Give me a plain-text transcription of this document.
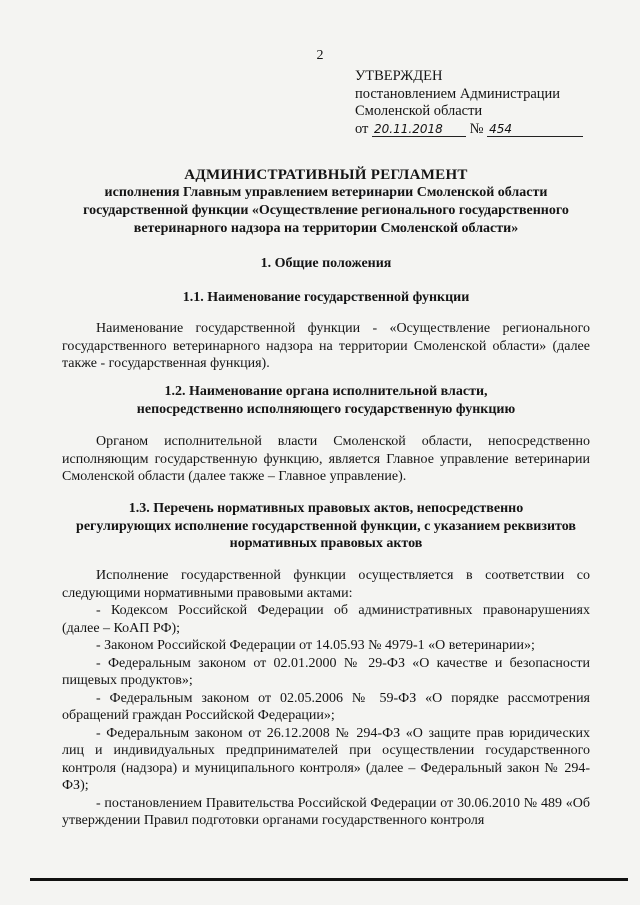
2
УТВЕРЖДЕН
постановлением Администрации
Смоленской области
от 20.11.2018 № 454
АДМИНИСТРАТИВНЫЙ РЕГЛАМЕНТ
исполнения Главным управлением ветеринарии Смоленской области
государственной функции «Осуществление регионального государственного
ветеринарного надзора на территории Смоленской области»
1. Общие положения
1.1. Наименование государственной функции
Наименование государственной функции - «Осуществление регионального государственного ветеринарного надзора на территории Смоленской области» (далее также - государственная функция).
1.2. Наименование органа исполнительной власти,
непосредственно исполняющего государственную функцию
Органом исполнительной власти Смоленской области, непосредственно исполняющим государственную функцию, является Главное управление ветеринарии Смоленской области (далее также – Главное управление).
1.3. Перечень нормативных правовых актов, непосредственно
регулирующих исполнение государственной функции, с указанием реквизитов
нормативных правовых актов
Исполнение государственной функции осуществляется в соответствии со следующими нормативными правовыми актами:
- Кодексом Российской Федерации об административных правонарушениях (далее – КоАП РФ);
- Законом Российской Федерации от 14.05.93 № 4979-1 «О ветеринарии»;
- Федеральным законом от 02.01.2000 № 29-ФЗ «О качестве и безопасности пищевых продуктов»;
- Федеральным законом от 02.05.2006 № 59-ФЗ «О порядке рассмотрения обращений граждан Российской Федерации»;
- Федеральным законом от 26.12.2008 № 294-ФЗ «О защите прав юридических лиц и индивидуальных предпринимателей при осуществлении государственного контроля (надзора) и муниципального контроля» (далее – Федеральный закон № 294-ФЗ);
- постановлением Правительства Российской Федерации от 30.06.2010 № 489 «Об утверждении Правил подготовки органами государственного контроля
